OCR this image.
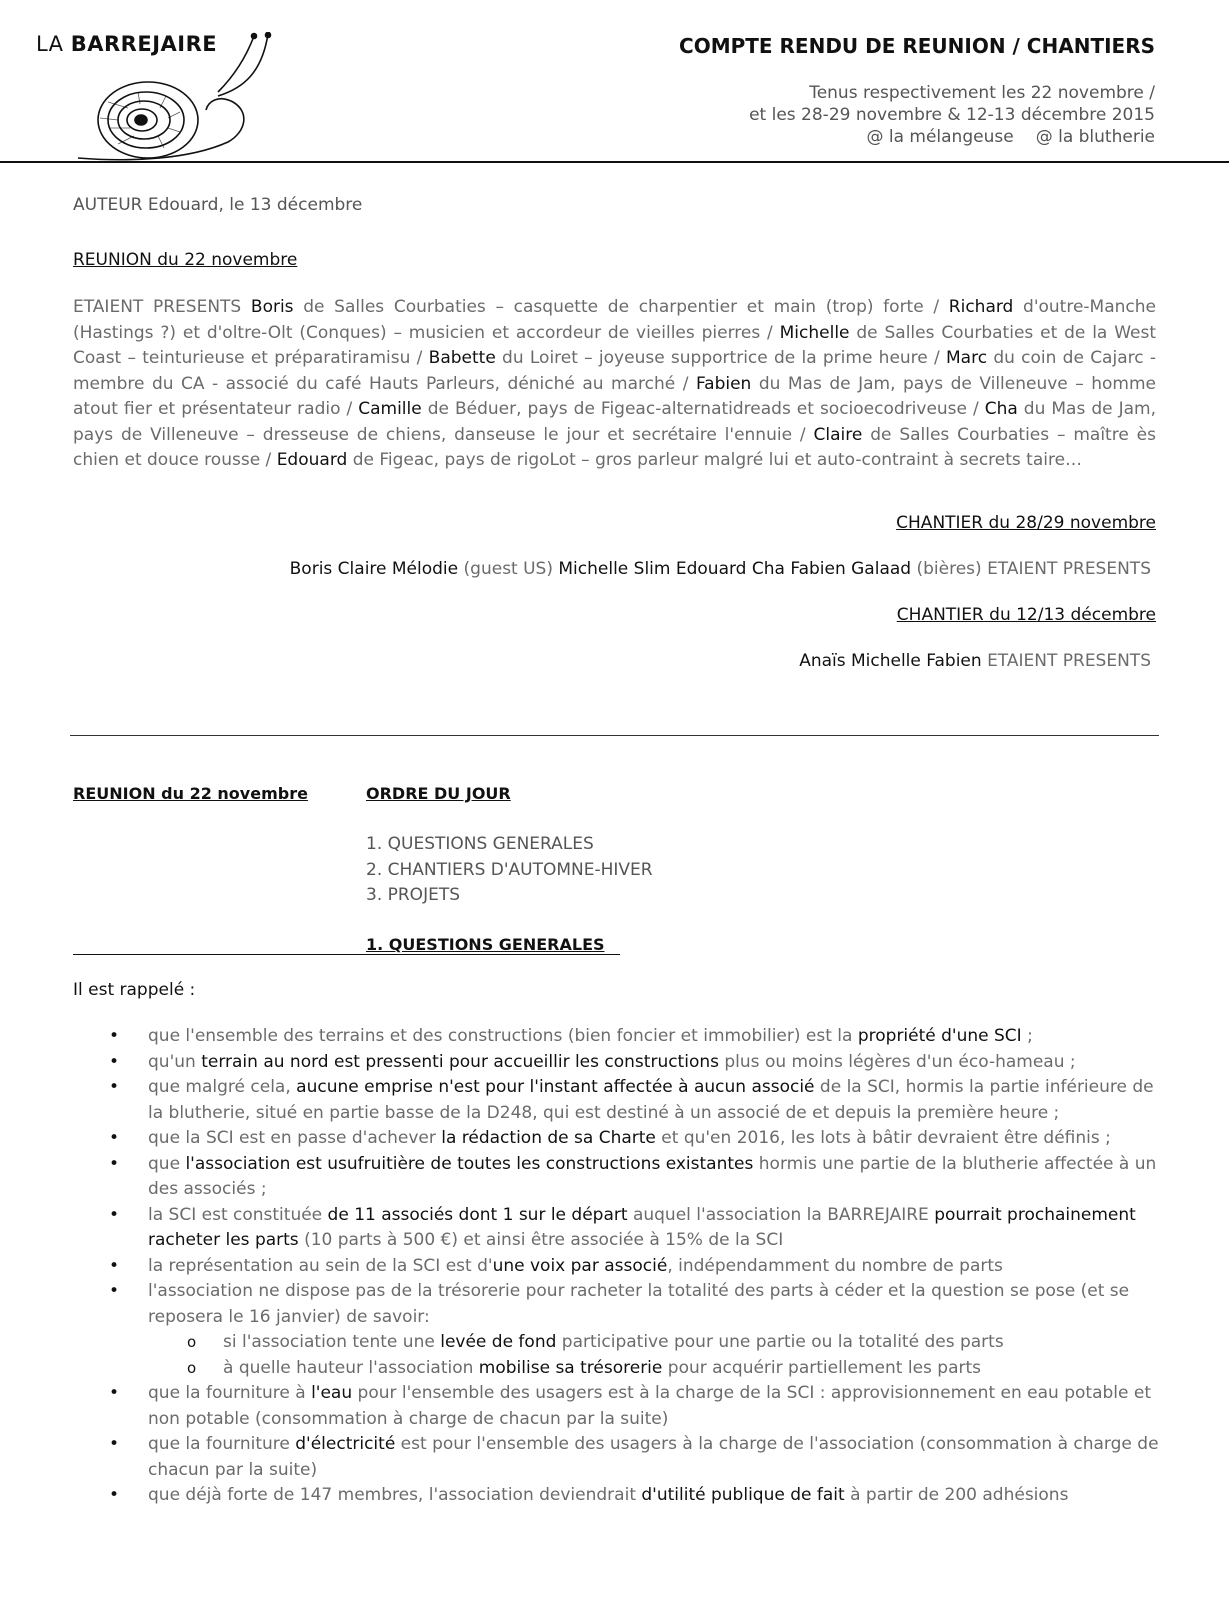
LA BARREJAIRE	COMPTE RENDU DE REUNION / CHANTIERS
Tenus respectivement les 22 novembre /
et les 28-29 novembre & 12-13 décembre 2015
@ la mélangeuse @ la blutherie
AUTEUR Edouard, le 13 décembre
REUNION du 22 novembre
ETAIENT PRESENTS Boris de Salles Courbaties – casquette de charpentier et main (trop) forte / Richard d'outre-Manche (Hastings ?) et d'oltre-Olt (Conques) – musicien et accordeur de vieilles pierres / Michelle de Salles Courbaties et de la West Coast – teinturieuse et préparatiramisu / Babette du Loiret – joyeuse supportrice de la prime heure / Marc du coin de Cajarc - membre du CA - associé du café Hauts Parleurs, déniché au marché / Fabien du Mas de Jam, pays de Villeneuve – homme atout fier et présentateur radio / Camille de Béduer, pays de Figeac-alternatidreads et socioecodriveuse / Cha du Mas de Jam, pays de Villeneuve – dresseuse de chiens, danseuse le jour et secrétaire l'ennuie / Claire de Salles Courbaties – maître ès chien et douce rousse / Edouard de Figeac, pays de rigoLot – gros parleur malgré lui et auto-contraint à secrets taire…
CHANTIER du 28/29 novembre
Boris Claire Mélodie (guest US) Michelle Slim Edouard Cha Fabien Galaad (bières) ETAIENT PRESENTS
CHANTIER du 12/13 décembre
Anaïs Michelle Fabien ETAIENT PRESENTS
REUNION du 22 novembre	ORDRE DU JOUR
1. QUESTIONS GENERALES
2. CHANTIERS D'AUTOMNE-HIVER
3. PROJETS
1. QUESTIONS GENERALES
Il est rappelé :
• que l'ensemble des terrains et des constructions (bien foncier et immobilier) est la propriété d'une SCI ;
• qu'un terrain au nord est pressenti pour accueillir les constructions plus ou moins légères d'un éco-hameau ;
• que malgré cela, aucune emprise n'est pour l'instant affectée à aucun associé de la SCI, hormis la partie inférieure de la blutherie, situé en partie basse de la D248, qui est destiné à un associé de et depuis la première heure ;
• que la SCI est en passe d'achever la rédaction de sa Charte et qu'en 2016, les lots à bâtir devraient être définis ;
• que l'association est usufruitière de toutes les constructions existantes hormis une partie de la blutherie affectée à un des associés ;
• la SCI est constituée de 11 associés dont 1 sur le départ auquel l'association la BARREJAIRE pourrait prochainement racheter les parts (10 parts à 500 €) et ainsi être associée à 15% de la SCI
• la représentation au sein de la SCI est d'une voix par associé, indépendamment du nombre de parts
• l'association ne dispose pas de la trésorerie pour racheter la totalité des parts à céder et la question se pose (et se reposera le 16 janvier) de savoir:
o si l'association tente une levée de fond participative pour une partie ou la totalité des parts
o à quelle hauteur l'association mobilise sa trésorerie pour acquérir partiellement les parts
• que la fourniture à l'eau pour l'ensemble des usagers est à la charge de la SCI : approvisionnement en eau potable et non potable (consommation à charge de chacun par la suite)
• que la fourniture d'électricité est pour l'ensemble des usagers à la charge de l'association (consommation à charge de chacun par la suite)
• que déjà forte de 147 membres, l'association deviendrait d'utilité publique de fait à partir de 200 adhésions
